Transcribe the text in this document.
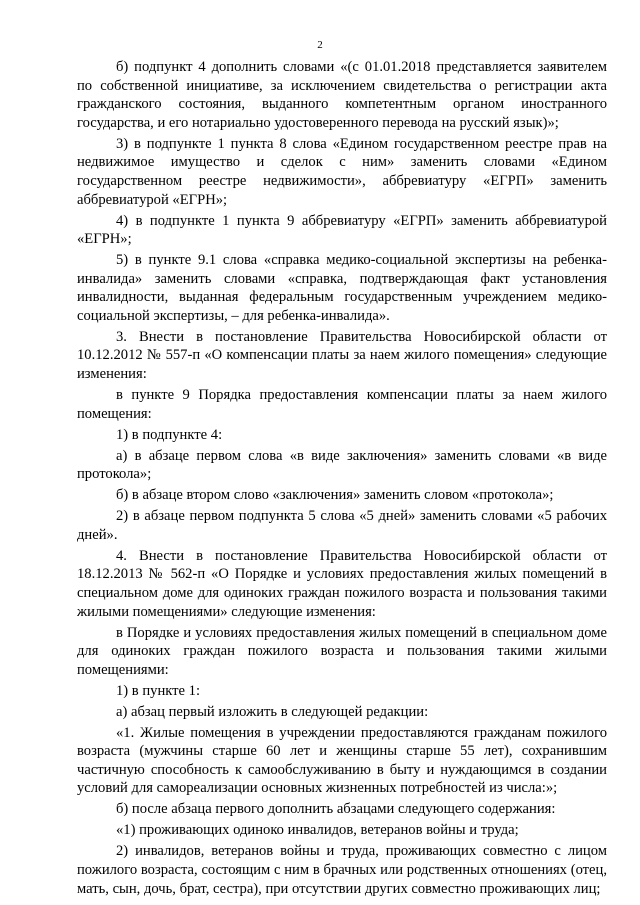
2

б) подпункт 4 дополнить словами «(с 01.01.2018 представляется заявителем по собственной инициативе, за исключением свидетельства о регистрации акта гражданского состояния, выданного компетентным органом иностранного государства, и его нотариально удостоверенного перевода на русский язык)»;

3) в подпункте 1 пункта 8 слова «Едином государственном реестре прав на недвижимое имущество и сделок с ним» заменить словами «Едином государственном реестре недвижимости», аббревиатуру «ЕГРП» заменить аббревиатурой «ЕГРН»;

4) в подпункте 1 пункта 9 аббревиатуру «ЕГРП» заменить аббревиатурой «ЕГРН»;

5) в пункте 9.1 слова «справка медико-социальной экспертизы на ребенка-инвалида» заменить словами «справка, подтверждающая факт установления инвалидности, выданная федеральным государственным учреждением медико-социальной экспертизы, – для ребенка-инвалида».

3. Внести в постановление Правительства Новосибирской области от 10.12.2012 № 557-п «О компенсации платы за наем жилого помещения» следующие изменения:

в пункте 9 Порядка предоставления компенсации платы за наем жилого помещения:

1) в подпункте 4:

а) в абзаце первом слова «в виде заключения» заменить словами «в виде протокола»;

б) в абзаце втором слово «заключения» заменить словом «протокола»;

2) в абзаце первом подпункта 5 слова «5 дней» заменить словами «5 рабочих дней».

4. Внести в постановление Правительства Новосибирской области от 18.12.2013 № 562-п «О Порядке и условиях предоставления жилых помещений в специальном доме для одиноких граждан пожилого возраста и пользования такими жилыми помещениями» следующие изменения:

в Порядке и условиях предоставления жилых помещений в специальном доме для одиноких граждан пожилого возраста и пользования такими жилыми помещениями:

1) в пункте 1:

а) абзац первый изложить в следующей редакции:

«1. Жилые помещения в учреждении предоставляются гражданам пожилого возраста (мужчины старше 60 лет и женщины старше 55 лет), сохранившим частичную способность к самообслуживанию в быту и нуждающимся в создании условий для самореализации основных жизненных потребностей из числа:»;

б) после абзаца первого дополнить абзацами следующего содержания:

«1) проживающих одиноко инвалидов, ветеранов войны и труда;

2) инвалидов, ветеранов войны и труда, проживающих совместно с лицом пожилого возраста, состоящим с ним в брачных или родственных отношениях (отец, мать, сын, дочь, брат, сестра), при отсутствии других совместно проживающих лиц;
